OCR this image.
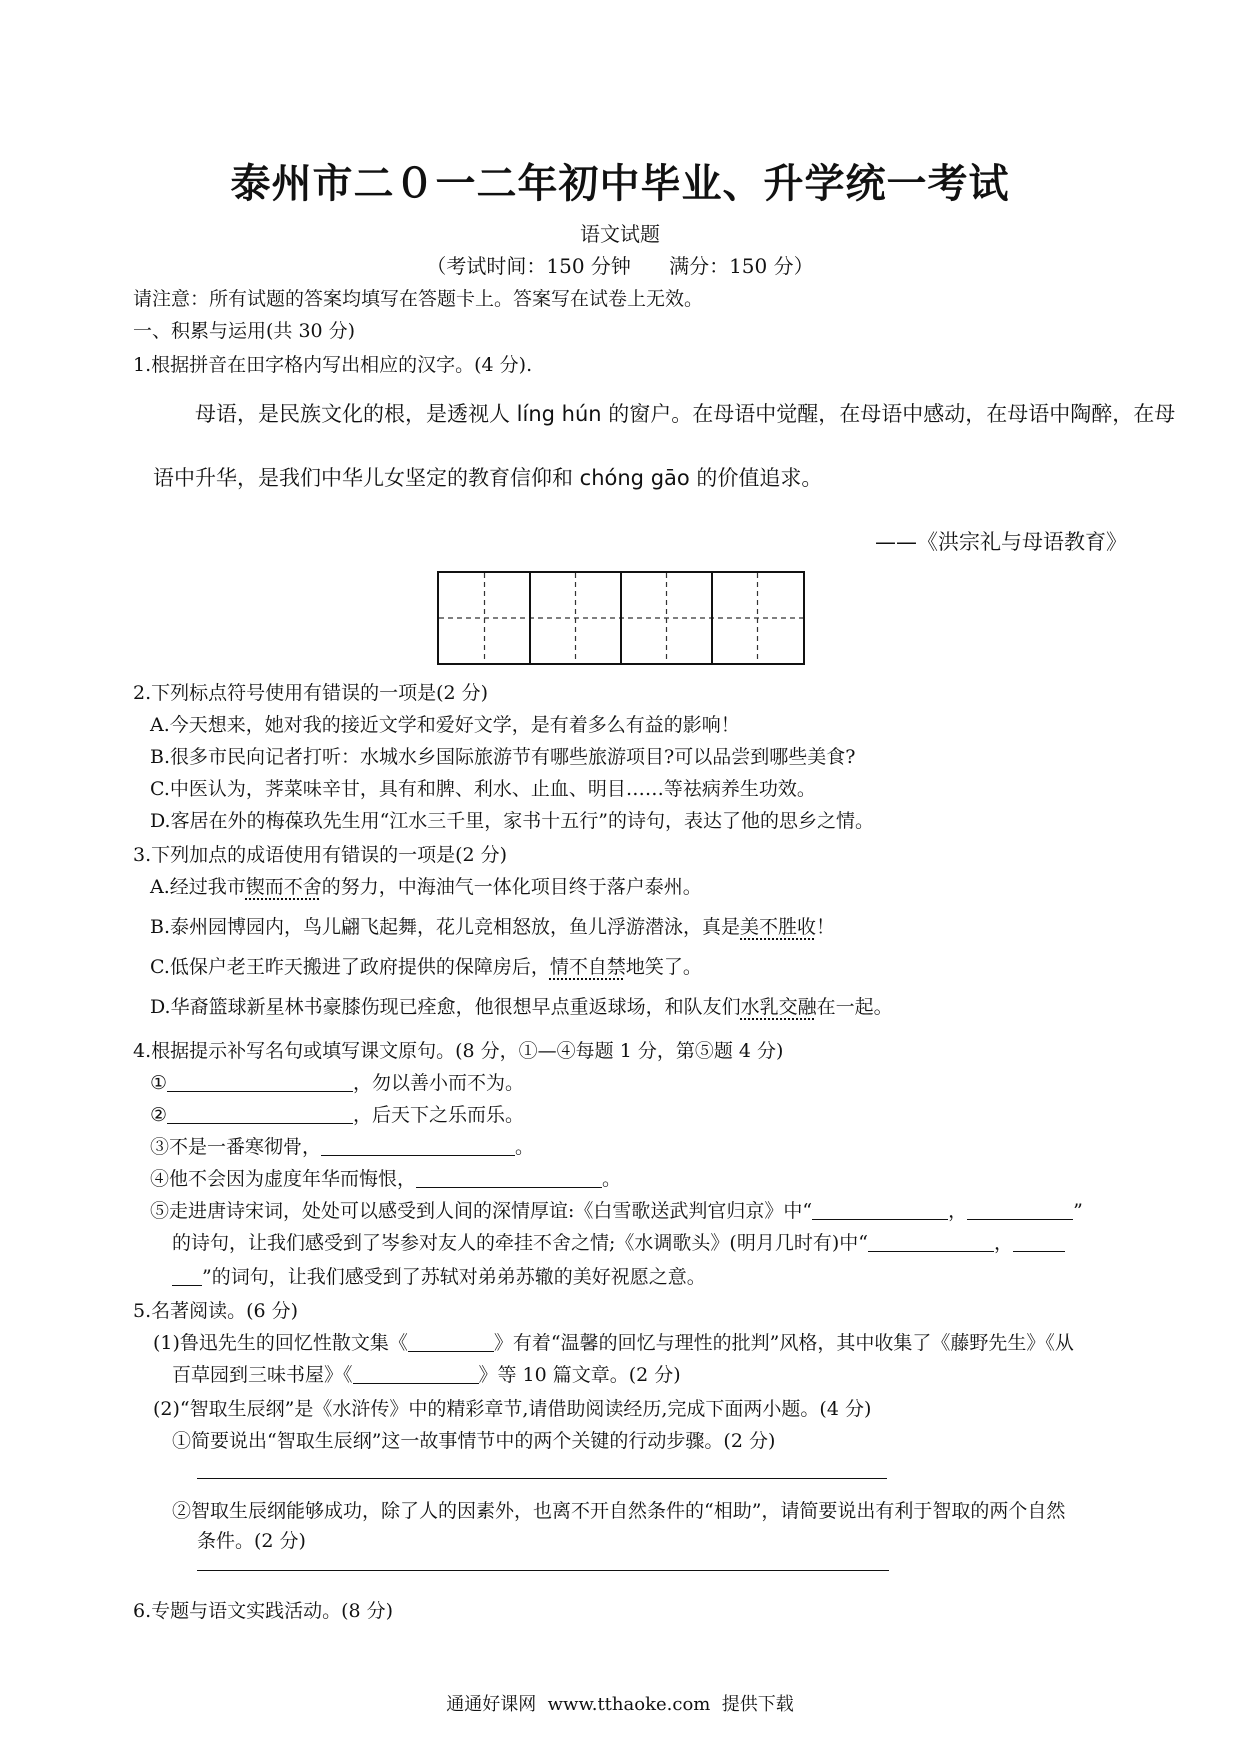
泰州市二０一二年初中毕业、升学统一考试
语文试题
（考试时间：150 分钟      满分：150 分）
请注意：所有试题的答案均填写在答题卡上。答案写在试卷上无效。
一、积累与运用(共 30 分)
1.根据拼音在田字格内写出相应的汉字。(4 分).
母语，是民族文化的根，是透视人 líng hún 的窗户。在母语中觉醒，在母语中感动，在母语中陶醉，在母
语中升华，是我们中华儿女坚定的教育信仰和 chóng gāo 的价值追求。
——《洪宗礼与母语教育》
2.下列标点符号使用有错误的一项是(2 分)
A.今天想来，她对我的接近文学和爱好文学，是有着多么有益的影响！
B.很多市民向记者打听：水城水乡国际旅游节有哪些旅游项目?可以品尝到哪些美食?
C.中医认为，荠菜味辛甘，具有和脾、利水、止血、明目……等祛病养生功效。
D.客居在外的梅葆玖先生用“江水三千里，家书十五行”的诗句，表达了他的思乡之情。
3.下列加点的成语使用有错误的一项是(2 分)
A.经过我市锲而不舍的努力，中海油气一体化项目终于落户泰州。
B.泰州园博园内，鸟儿翩飞起舞，花儿竞相怒放，鱼儿浮游潜泳，真是美不胜收！
C.低保户老王昨天搬进了政府提供的保障房后，情不自禁地笑了。
D.华裔篮球新星林书豪膝伤现已痊愈，他很想早点重返球场，和队友们水乳交融在一起。
4.根据提示补写名句或填写课文原句。(8 分，①—④每题 1 分，第⑤题 4 分)
①	，勿以善小而不为。
②	，后天下之乐而乐。
③不是一番寒彻骨，	。
④他不会因为虚度年华而悔恨，	。
⑤走进唐诗宋词，处处可以感受到人间的深情厚谊:《白雪歌送武判官归京》中“	，	”
的诗句，让我们感受到了岑参对友人的牵挂不舍之情;《水调歌头》(明月几时有)中“	，
”的词句，让我们感受到了苏轼对弟弟苏辙的美好祝愿之意。
5.名著阅读。(6 分)
(1)鲁迅先生的回忆性散文集《	》有着“温馨的回忆与理性的批判”风格，其中收集了《藤野先生》《从
百草园到三味书屋》《	》等 10 篇文章。(2 分)
(2)“智取生辰纲”是《水浒传》中的精彩章节,请借助阅读经历,完成下面两小题。(4 分)
①简要说出“智取生辰纲”这一故事情节中的两个关键的行动步骤。(2 分)
②智取生辰纲能够成功，除了人的因素外，也离不开自然条件的“相助”，请简要说出有利于智取的两个自然
条件。(2 分)
6.专题与语文实践活动。(8 分)
通通好课网  www.tthaoke.com  提供下载
